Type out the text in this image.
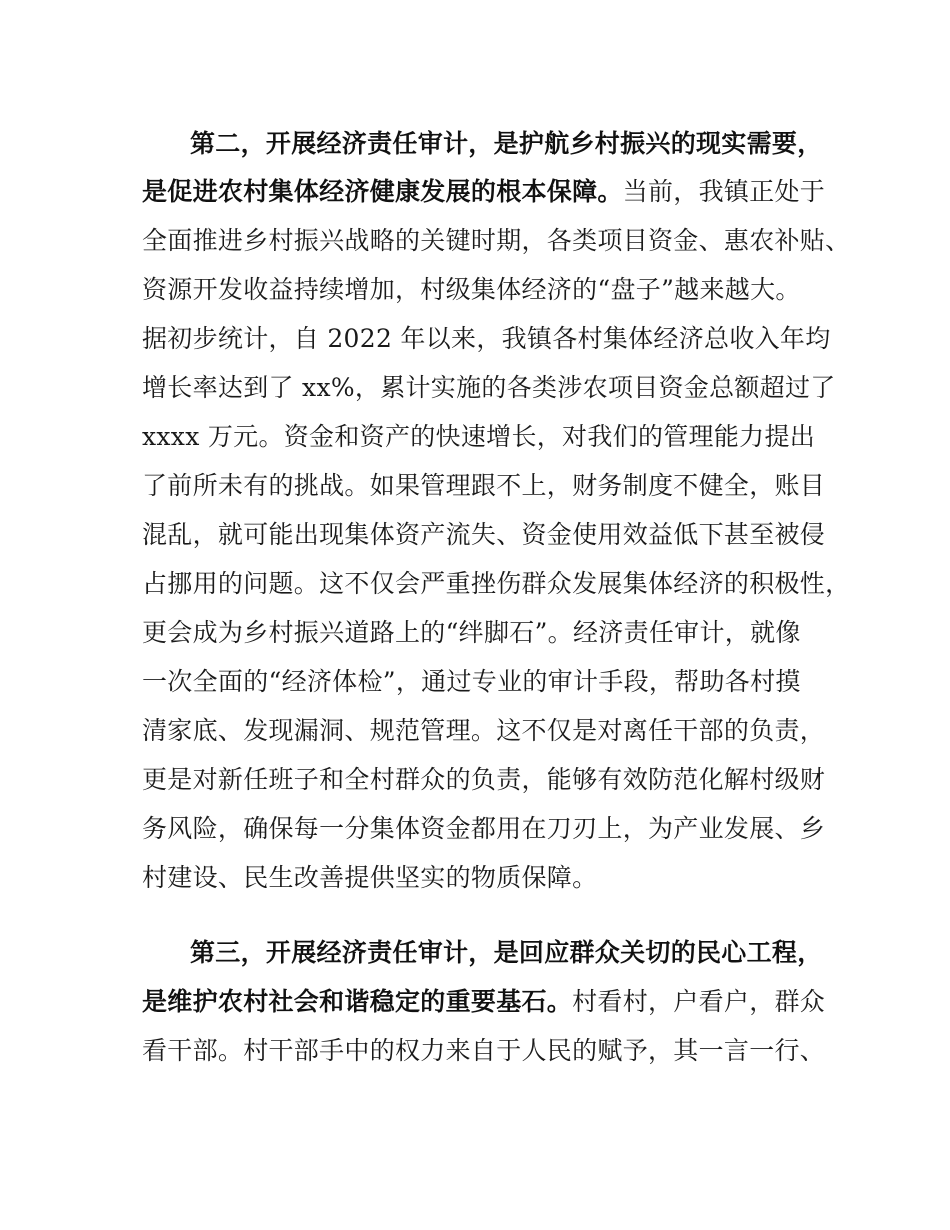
第二，开展经济责任审计，是护航乡村振兴的现实需要，
是促进农村集体经济健康发展的根本保障。当前，我镇正处于
全面推进乡村振兴战略的关键时期，各类项目资金、惠农补贴、
资源开发收益持续增加，村级集体经济的“盘子”越来越大。
据初步统计，自 2022 年以来，我镇各村集体经济总收入年均
增长率达到了 xx%，累计实施的各类涉农项目资金总额超过了
xxxx 万元。资金和资产的快速增长，对我们的管理能力提出
了前所未有的挑战。如果管理跟不上，财务制度不健全，账目
混乱，就可能出现集体资产流失、资金使用效益低下甚至被侵
占挪用的问题。这不仅会严重挫伤群众发展集体经济的积极性，
更会成为乡村振兴道路上的“绊脚石”。经济责任审计，就像
一次全面的“经济体检”，通过专业的审计手段，帮助各村摸
清家底、发现漏洞、规范管理。这不仅是对离任干部的负责，
更是对新任班子和全村群众的负责，能够有效防范化解村级财
务风险，确保每一分集体资金都用在刀刃上，为产业发展、乡
村建设、民生改善提供坚实的物质保障。
第三，开展经济责任审计，是回应群众关切的民心工程，
是维护农村社会和谐稳定的重要基石。村看村，户看户，群众
看干部。村干部手中的权力来自于人民的赋予，其一言一行、
